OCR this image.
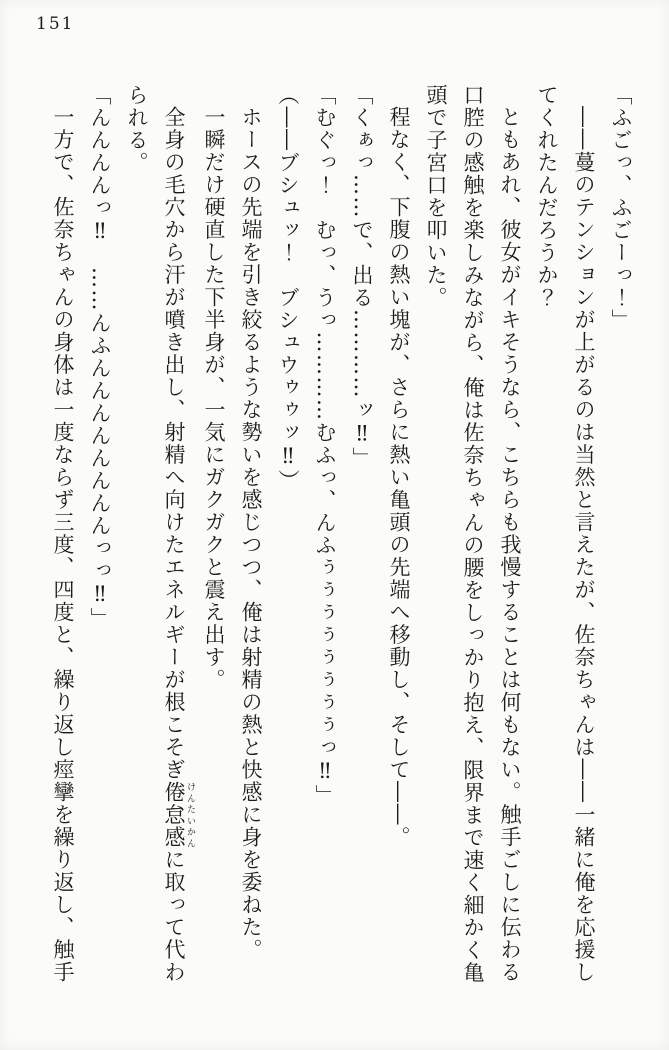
151

「ふごっ、ふごーっ！」

――蔓のテンションが上がるのは当然と言えたが、佐奈ちゃんは――一緒に俺を応援し

てくれたんだろうか？

ともあれ、彼女がイキそうなら、こちらも我慢することは何もない。触手ごしに伝わる

口腔の感触を楽しみながら、俺は佐奈ちゃんの腰をしっかり抱え、限界まで速く細かく亀

頭で子宮口を叩いた。

程なく、下腹の熱い塊が、さらに熱い亀頭の先端へ移動し、そして――。

「くぁっ……で、出る…………ッ‼」

「むぐっ！　むっ、うっ…………むふっ、んふぅぅぅぅぅぅぅぅっ‼」

（――ブシュッ！　ブシュウゥゥッ‼）

ホースの先端を引き絞るような勢いを感じつつ、俺は射精の熱と快感に身を委ねた。

一瞬だけ硬直した下半身が、一気にガクガクと震え出す。

全身の毛穴から汗が噴き出し、射精へ向けたエネルギーが根こそぎ倦怠感 けんたいかんに取って代わ

られる。

「んんんんっ‼　……んふんんんんんんんんっっ‼」

一方で、佐奈ちゃんの身体は一度ならず三度、四度と、繰り返し痙攣を繰り返し、触手
